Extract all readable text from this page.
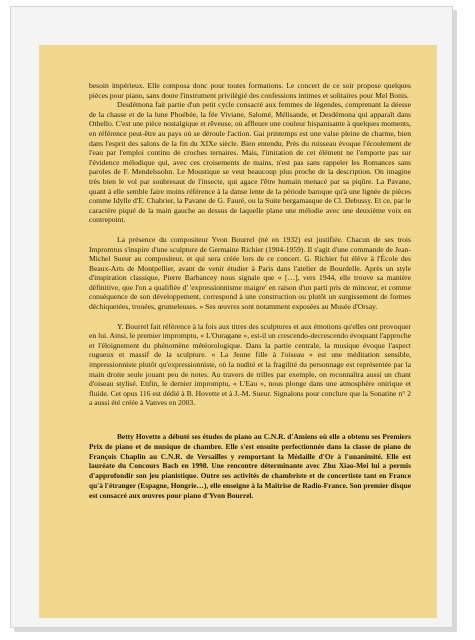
besoin impérieux. Elle composa donc pour toutes formations. Le concert de ce soir propose quelques pièces pour piano, sans doute l'instrument privilégié des confessions intimes et solitaires pour Mel Bonis.

Desdémona fait partie d'un petit cycle consacré aux femmes de légendes, comprenant la déesse de la chasse et de la lune Phoébée, la fée Viviane, Salomé, Mélisande, et Desdémona qui apparaît dans Othello. C'est une pièce nostalgique et rêveuse, où affleure une couleur hispanisante à quelques moments, en référence peut-être au pays où se déroule l'action. Gai printemps est une valse pleine de charme, bien dans l'esprit des salons de la fin du XIXe siècle. Bien entendu, Près du ruisseau évoque l'écoulement de l'eau par l'emploi continu de croches ternaires. Mais, l'imitation de cet élément ne l'emporte pas sur l'évidence mélodique qui, avec ces croisements de mains, n'est pas sans rappeler les Romances sans paroles de F. Mendelssohn. Le Moustique se veut beaucoup plus proche de la description. On imagine très bien le vol par soubresaut de l'insecte, qui agace l'être humain menacé par sa piqûre. La Pavane, quant à elle semble faire moins référence à la danse lente de la période baroque qu'à une lignée de pièces comme Idylle d'E. Chabrier, la Pavane de G. Fauré, ou la Suite bergamasque de Cl. Debussy. Et ce, par le caractère piqué de la main gauche au dessus de laquelle plane une mélodie avec une deuxième voix en contrepoint.

La présence du compositeur Yvon Bourrel (né en 1932) est justifiée. Chacun de ses trois Impromtus s'inspire d'une sculpture de Germaine Richier (1904-1959). Il s'agit d'une commande de Jean-Michel Sueur au compositeur, et qui sera créée lors de ce concert. G. Richier fut élève à l'École des Beaux-Arts de Montpellier, avant de venir étudier à Paris dans l'atelier de Bourdelle. Après un style d'inspiration classique, Pierre Barbancey nous signale que « […], vers 1944, elle trouve sa manière définitive, que l'on a qualifiée d' 'expressionnisme maigre' en raison d'un parti pris de minceur, et comme conséquence de son développement, correspond à une construction ou plutôt un surgissement de formes déchiquetées, trouées, grumeleuses. » Ses œuvres sont notamment exposées au Musée d'Orsay.

Y. Bourrel fait référence à la fois aux titres des sculptures et aux émotions qu'elles ont provoquer en lui. Ainsi, le premier impromptu, « L'Ouragane », est-il un crescendo-decrescendo évoquant l'approche et l'éloignement du phénomène météorologique. Dans la partie centrale, la musique évoque l'aspect rugueux et massif de la sculpture. « La Jeune fille à l'oiseau » est une méditation sensible, impressionniste plutôt qu'expressionniste, où la nudité et la fragilité du personnage est représentée par la main droite seule jouant peu de notes. Au travers de trilles par exemple, on reconnaîtra aussi un chant d'oiseau stylisé. Enfin, le dernier impromptu, « L'Eau », nous plonge dans une atmosphère onirique et fluide. Cet opus 116 est dédié à B. Hovette et à J.-M. Sueur. Signalons pour conclure que la Sonatine n° 2 a aussi été créée à Vanves en 2003.

Betty Hovette a débuté ses études de piano au C.N.R. d'Amiens où elle a obtenu ses Premiers Prix de piano et de musique de chambre. Elle s'est ensuite perfectionnée dans la classe de piano de François Chaplin au C.N.R. de Versailles y remportant la Médaille d'Or à l'unanimité. Elle est lauréate du Concours Bach en 1998. Une rencontre déterminante avec Zhu Xiao-Mei lui a permis d'approfondir son jeu pianistique. Outre ses activités de chambriste et de concertiste tant en France qu'à l'étranger (Espagne, Hongrie…), elle enseigne à la Maîtrise de Radio-France. Son premier disque est consacré aux œuvres pour piano d'Yvon Bourrel.
